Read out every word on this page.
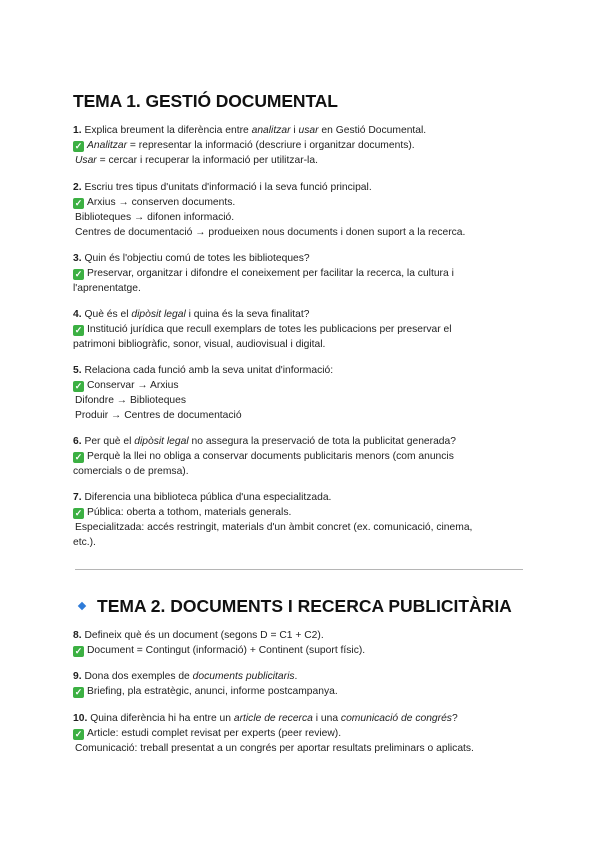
TEMA 1. GESTIÓ DOCUMENTAL
1. Explica breument la diferència entre analitzar i usar en Gestió Documental.
✓ Analitzar = representar la informació (descriure i organitzar documents).
Usar = cercar i recuperar la informació per utilitzar-la.
2. Escriu tres tipus d'unitats d'informació i la seva funció principal.
✓ Arxius → conserven documents.
Biblioteques → difonen informació.
Centres de documentació → produeixen nous documents i donen suport a la recerca.
3. Quin és l'objectiu comú de totes les biblioteques?
✓ Preservar, organitzar i difondre el coneixement per facilitar la recerca, la cultura i
l'aprenentatge.
4. Què és el dipòsit legal i quina és la seva finalitat?
✓ Institució jurídica que recull exemplars de totes les publicacions per preservar el
patrimoni bibliogràfic, sonor, visual, audiovisual i digital.
5. Relaciona cada funció amb la seva unitat d'informació:
✓ Conservar → Arxius
Difondre → Biblioteques
Produir → Centres de documentació
6. Per què el dipòsit legal no assegura la preservació de tota la publicitat generada?
✓ Perquè la llei no obliga a conservar documents publicitaris menors (com anuncis
comercials o de premsa).
7. Diferencia una biblioteca pública d'una especialitzada.
✓ Pública: oberta a tothom, materials generals.
Especialitzada: accés restringit, materials d'un àmbit concret (ex. comunicació, cinema,
etc.).
TEMA 2. DOCUMENTS I RECERCA PUBLICITÀRIA
8. Defineix què és un document (segons D = C1 + C2).
✓ Document = Contingut (informació) + Continent (suport físic).
9. Dona dos exemples de documents publicitaris.
✓ Briefing, pla estratègic, anunci, informe postcampanya.
10. Quina diferència hi ha entre un article de recerca i una comunicació de congrés?
✓ Article: estudi complet revisat per experts (peer review).
Comunicació: treball presentat a un congrés per aportar resultats preliminars o aplicats.
